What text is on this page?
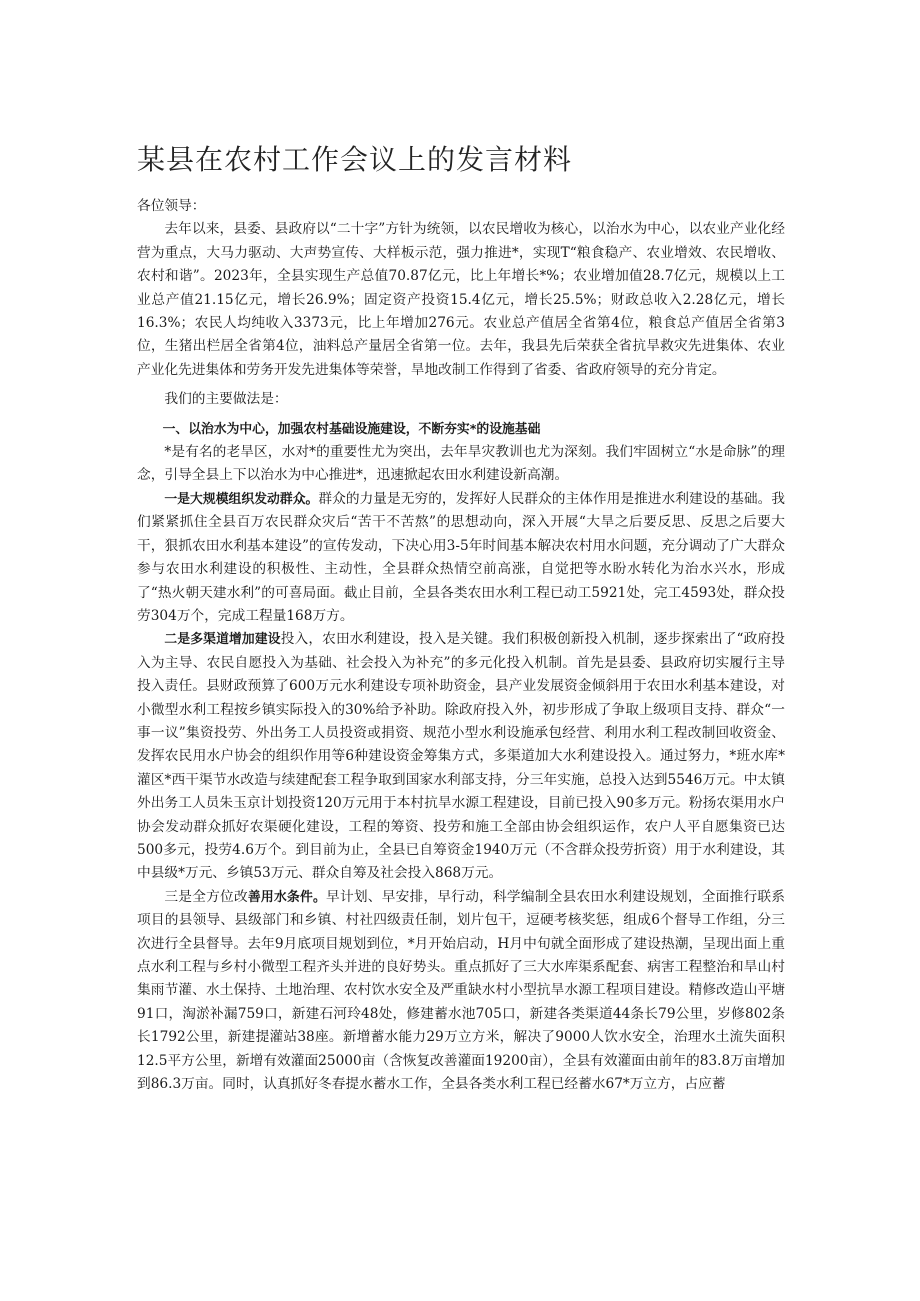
某县在农村工作会议上的发言材料

各位领导：

去年以来，县委、县政府以“二十字”方针为统领，以农民增收为核心，以治水为中心，以农业产业化经营为重点，大马力驱动、大声势宣传、大样板示范，强力推进*，实现T“粮食稳产、农业增效、农民增收、农村和谐”。2023年，全县实现生产总值70.87亿元，比上年增长*%；农业增加值28.7亿元，规模以上工业总产值21.15亿元，增长26.9%；固定资产投资15.4亿元，增长25.5%；财政总收入2.28亿元，增长16.3%；农民人均纯收入3373元，比上年增加276元。农业总产值居全省第4位，粮食总产值居全省第3位，生猪出栏居全省第4位，油料总产量居全省第一位。去年，我县先后荣获全省抗旱救灾先进集体、农业产业化先进集体和劳务开发先进集体等荣誉，旱地改制工作得到了省委、省政府领导的充分肯定。

我们的主要做法是：

一、以治水为中心，加强农村基础设施建设，不断夯实*的设施基础

*是有名的老旱区，水对*的重要性尤为突出，去年旱灾教训也尤为深刻。我们牢固树立“水是命脉”的理念，引导全县上下以治水为中心推进*，迅速掀起农田水利建设新高潮。

一是大规模组织发动群众。群众的力量是无穷的，发挥好人民群众的主体作用是推进水利建设的基础。我们紧紧抓住全县百万农民群众灾后“苦干不苦熬”的思想动向，深入开展“大旱之后要反思、反思之后要大干，狠抓农田水利基本建设”的宣传发动，下决心用3-5年时间基本解决农村用水问题，充分调动了广大群众参与农田水利建设的积极性、主动性，全县群众热情空前高涨，自觉把等水盼水转化为治水兴水，形成了“热火朝天建水利”的可喜局面。截止目前，全县各类农田水利工程已动工5921处，完工4593处，群众投劳304万个，完成工程量168万方。

二是多渠道增加建设投入，农田水利建设，投入是关键。我们积极创新投入机制，逐步探索出了“政府投入为主导、农民自愿投入为基础、社会投入为补充”的多元化投入机制。首先是县委、县政府切实履行主导投入责任。县财政预算了600万元水利建设专项补助资金，县产业发展资金倾斜用于农田水利基本建设，对小微型水利工程按乡镇实际投入的30%给予补助。除政府投入外，初步形成了争取上级项目支持、群众“一事一议”集资投劳、外出务工人员投资或捐资、规范小型水利设施承包经营、利用水利工程改制回收资金、发挥农民用水户协会的组织作用等6种建设资金筹集方式，多渠道加大水利建设投入。通过努力，*班水库*灌区*西干渠节水改造与续建配套工程争取到国家水利部支持，分三年实施，总投入达到5546万元。中太镇外出务工人员朱玉京计划投资120万元用于本村抗旱水源工程建设，目前已投入90多万元。粉扬农渠用水户协会发动群众抓好农渠硬化建设，工程的筹资、投劳和施工全部由协会组织运作，农户人平自愿集资已达500多元，投劳4.6万个。到目前为止，全县已自筹资金1940万元（不含群众投劳折资）用于水利建设，其中县级*万元、乡镇53万元、群众自筹及社会投入868万元。

三是全方位改善用水条件。早计划、早安排，早行动，科学编制全县农田水利建设规划，全面推行联系项目的县领导、县级部门和乡镇、村社四级责任制，划片包干，逗硬考核奖惩，组成6个督导工作组，分三次进行全县督导。去年9月底项目规划到位，*月开始启动，H月中旬就全面形成了建设热潮，呈现出面上重点水利工程与乡村小微型工程齐头并进的良好势头。重点抓好了三大水库渠系配套、病害工程整治和旱山村集雨节灌、水土保持、土地治理、农村饮水安全及严重缺水村小型抗旱水源工程项目建设。精修改造山平塘91口，淘淤补漏759口，新建石河玲48处，修建蓄水池705口，新建各类渠道44条长79公里，岁修802条长1792公里，新建提灌站38座。新增蓄水能力29万立方米，解决了9000人饮水安全，治理水土流失面积12.5平方公里，新增有效灌面25000亩（含恢复改善灌面19200亩），全县有效灌面由前年的83.8万亩增加到86.3万亩。同时，认真抓好冬春提水蓄水工作，全县各类水利工程已经蓄水67*万立方，占应蓄
